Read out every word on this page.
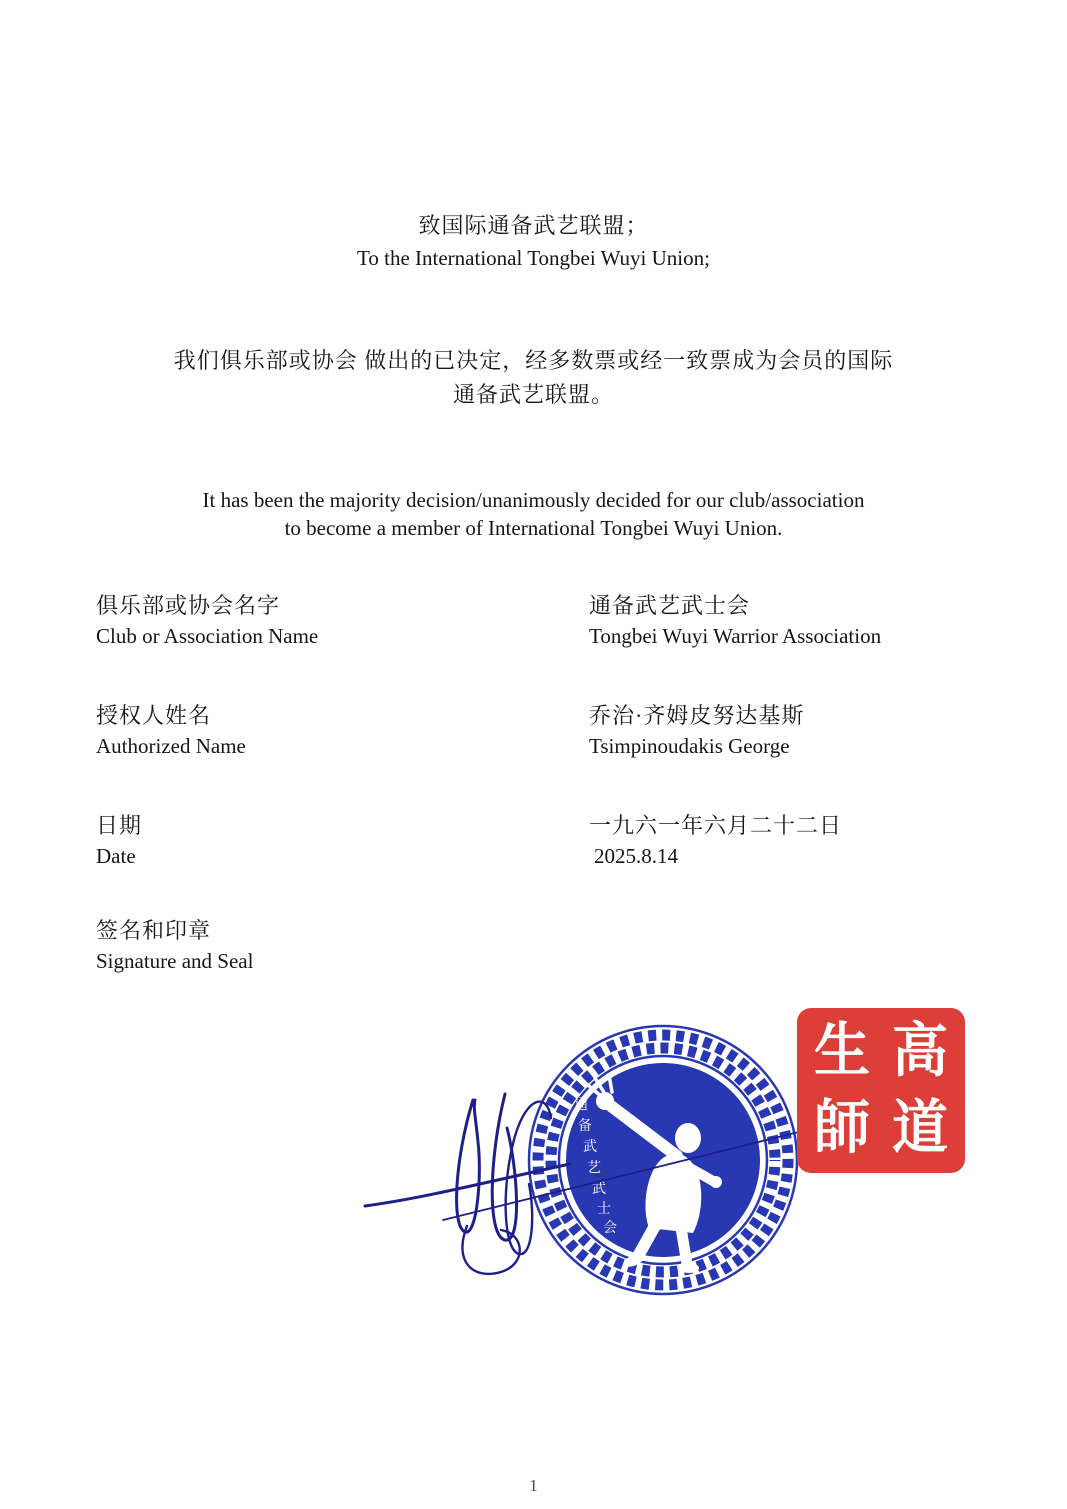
致国际通备武艺联盟；
To the International Tongbei Wuyi Union;
我们俱乐部或协会 做出的已决定，经多数票或经一致票成为会员的国际
通备武艺联盟。
It has been the majority decision/unanimously decided for our club/association
to become a member of International Tongbei Wuyi Union.
俱乐部或协会名字
Club or Association Name
通备武艺武士会
Tongbei Wuyi Warrior Association
授权人姓名
Authorized Name
乔治·齐姆皮努达基斯
Tsimpinoudakis George
日期
Date
一九六一年六月二十二日
2025.8.14
签名和印章
Signature and Seal
通
备
武
艺
武
士
会
生 高
師 道
1
